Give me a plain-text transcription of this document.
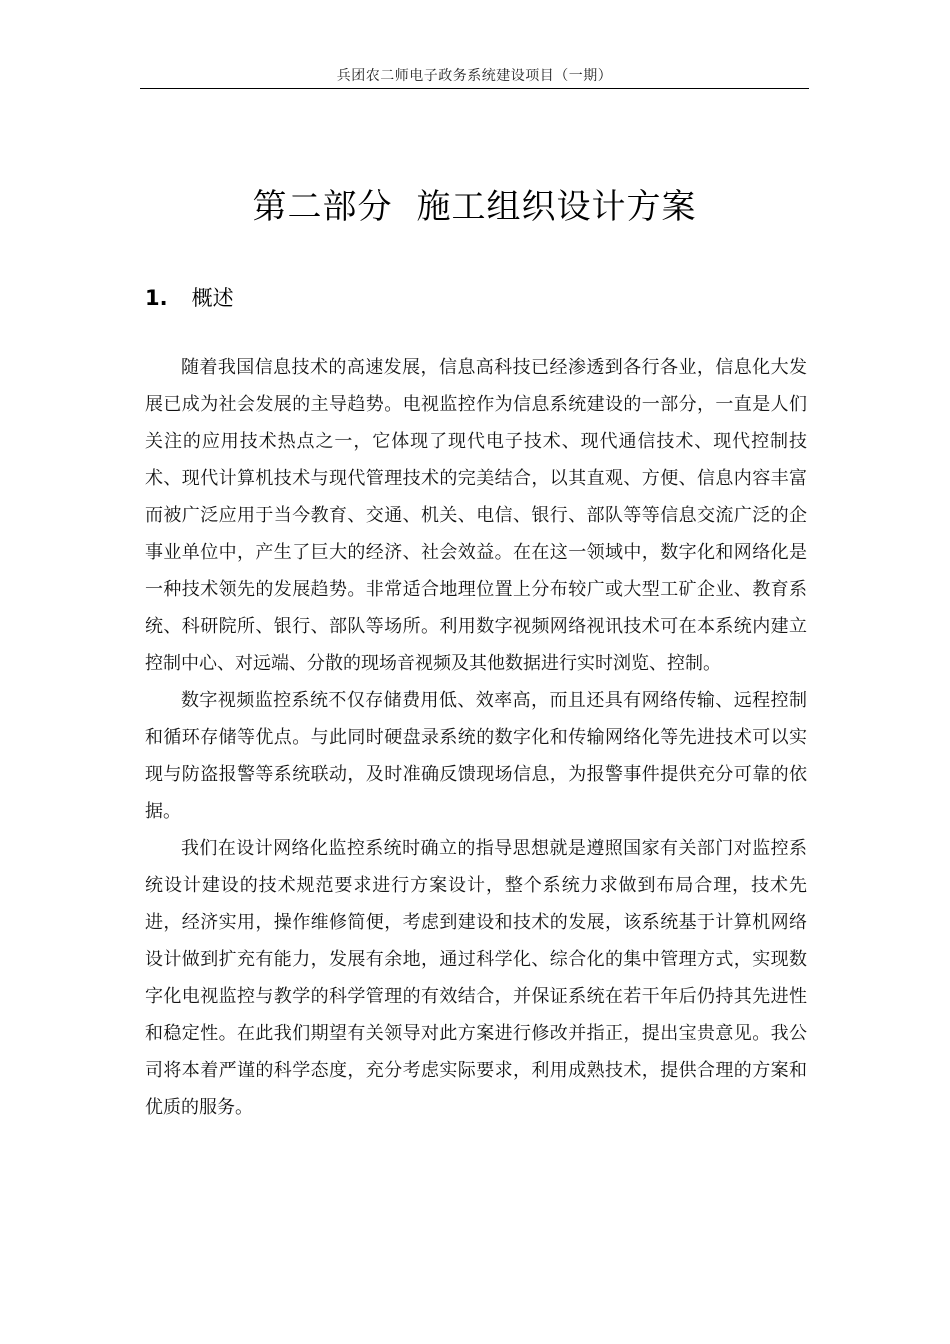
兵团农二师电子政务系统建设项目（一期）
第二部分 施工组织设计方案
1. 概述

随着我国信息技术的高速发展，信息高科技已经渗透到各行各业，信息化大发展已成为社会发展的主导趋势。电视监控作为信息系统建设的一部分，一直是人们关注的应用技术热点之一，它体现了现代电子技术、现代通信技术、现代控制技术、现代计算机技术与现代管理技术的完美结合，以其直观、方便、信息内容丰富而被广泛应用于当今教育、交通、机关、电信、银行、部队等等信息交流广泛的企事业单位中，产生了巨大的经济、社会效益。在在这一领域中，数字化和网络化是一种技术领先的发展趋势。非常适合地理位置上分布较广或大型工矿企业、教育系统、科研院所、银行、部队等场所。利用数字视频网络视讯技术可在本系统内建立控制中心、对远端、分散的现场音视频及其他数据进行实时浏览、控制。

数字视频监控系统不仅存储费用低、效率高，而且还具有网络传输、远程控制和循环存储等优点。与此同时硬盘录系统的数字化和传输网络化等先进技术可以实现与防盗报警等系统联动，及时准确反馈现场信息，为报警事件提供充分可靠的依据。

我们在设计网络化监控系统时确立的指导思想就是遵照国家有关部门对监控系统设计建设的技术规范要求进行方案设计，整个系统力求做到布局合理，技术先进，经济实用，操作维修简便，考虑到建设和技术的发展，该系统基于计算机网络设计做到扩充有能力，发展有余地，通过科学化、综合化的集中管理方式，实现数字化电视监控与教学的科学管理的有效结合，并保证系统在若干年后仍持其先进性和稳定性。在此我们期望有关领导对此方案进行修改并指正，提出宝贵意见。我公司将本着严谨的科学态度，充分考虑实际要求，利用成熟技术，提供合理的方案和优质的服务。
